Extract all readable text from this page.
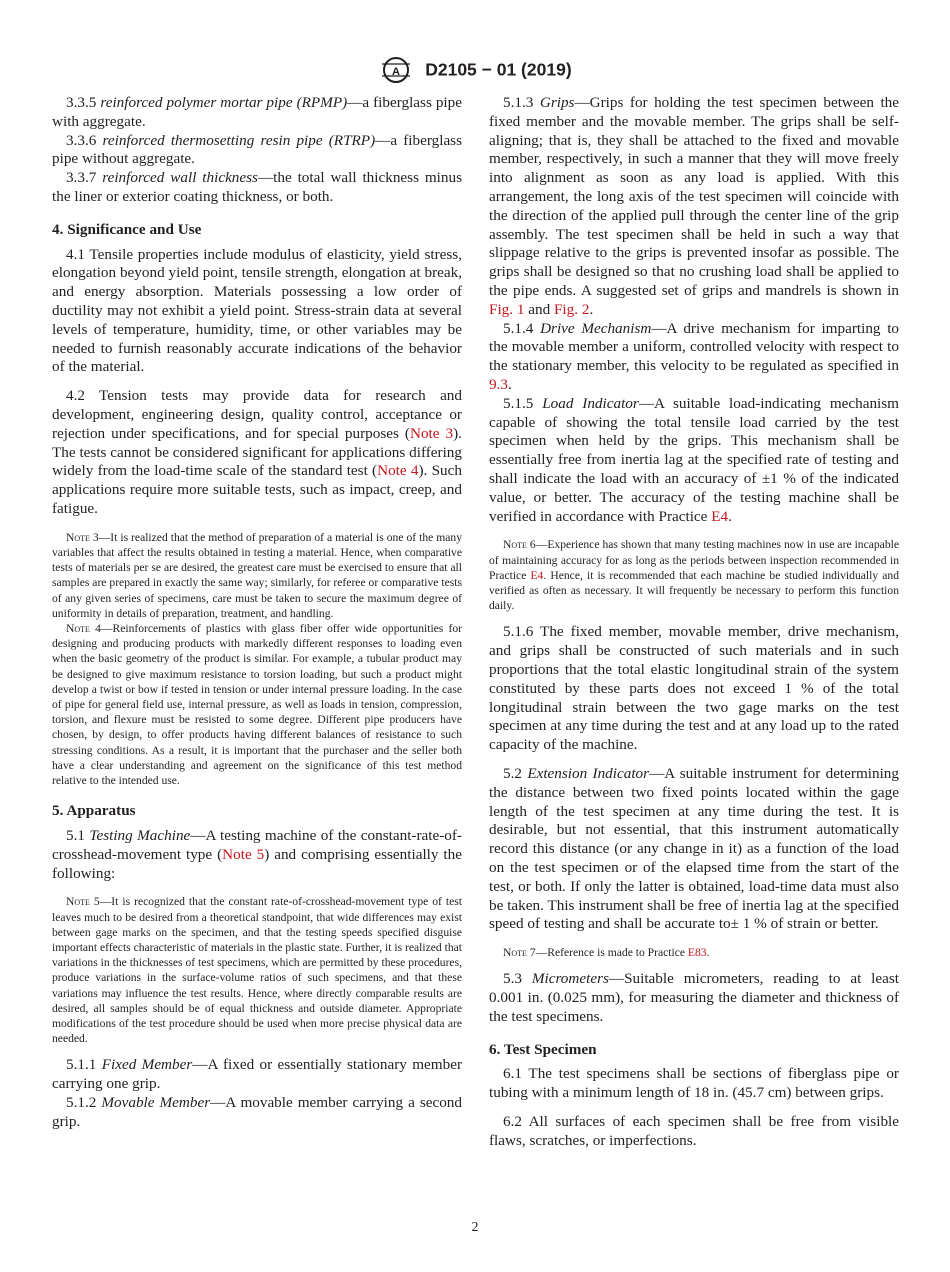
A D2105 − 01 (2019)
3.3.5 reinforced polymer mortar pipe (RPMP)—a fiberglass pipe with aggregate.
3.3.6 reinforced thermosetting resin pipe (RTRP)—a fiberglass pipe without aggregate.
3.3.7 reinforced wall thickness—the total wall thickness minus the liner or exterior coating thickness, or both.
4. Significance and Use
4.1 Tensile properties include modulus of elasticity, yield stress, elongation beyond yield point, tensile strength, elongation at break, and energy absorption. Materials possessing a low order of ductility may not exhibit a yield point. Stress-strain data at several levels of temperature, humidity, time, or other variables may be needed to furnish reasonably accurate indications of the behavior of the material.
4.2 Tension tests may provide data for research and development, engineering design, quality control, acceptance or rejection under specifications, and for special purposes (Note 3). The tests cannot be considered significant for applications differing widely from the load-time scale of the standard test (Note 4). Such applications require more suitable tests, such as impact, creep, and fatigue.
Note 3—It is realized that the method of preparation of a material is one of the many variables that affect the results obtained in testing a material. Hence, when comparative tests of materials per se are desired, the greatest care must be exercised to ensure that all samples are prepared in exactly the same way; similarly, for referee or comparative tests of any given series of specimens, care must be taken to secure the maximum degree of uniformity in details of preparation, treatment, and handling.
Note 4—Reinforcements of plastics with glass fiber offer wide opportunities for designing and producing products with markedly different responses to loading even when the basic geometry of the product is similar. For example, a tubular product may be designed to give maximum resistance to torsion loading, but such a product might develop a twist or bow if tested in tension or under internal pressure loading. In the case of pipe for general field use, internal pressure, as well as loads in tension, compression, torsion, and flexure must be resisted to some degree. Different pipe producers have chosen, by design, to offer products having different balances of resistance to such stressing conditions. As a result, it is important that the purchaser and the seller both have a clear understanding and agreement on the significance of this test method relative to the intended use.
5. Apparatus
5.1 Testing Machine—A testing machine of the constant-rate-of-crosshead-movement type (Note 5) and comprising essentially the following:
Note 5—It is recognized that the constant rate-of-crosshead-movement type of test leaves much to be desired from a theoretical standpoint, that wide differences may exist between gage marks on the specimen, and that the testing speeds specified disguise important effects characteristic of materials in the plastic state. Further, it is realized that variations in the thicknesses of test specimens, which are permitted by these procedures, produce variations in the surface-volume ratios of such specimens, and that these variations may influence the test results. Hence, where directly comparable results are desired, all samples should be of equal thickness and outside diameter. Appropriate modifications of the test procedure should be used when more precise physical data are needed.
5.1.1 Fixed Member—A fixed or essentially stationary member carrying one grip.
5.1.2 Movable Member—A movable member carrying a second grip.
5.1.3 Grips—Grips for holding the test specimen between the fixed member and the movable member. The grips shall be self-aligning; that is, they shall be attached to the fixed and movable member, respectively, in such a manner that they will move freely into alignment as soon as any load is applied. With this arrangement, the long axis of the test specimen will coincide with the direction of the applied pull through the center line of the grip assembly. The test specimen shall be held in such a way that slippage relative to the grips is prevented insofar as possible. The grips shall be designed so that no crushing load shall be applied to the pipe ends. A suggested set of grips and mandrels is shown in Fig. 1 and Fig. 2.
5.1.4 Drive Mechanism—A drive mechanism for imparting to the movable member a uniform, controlled velocity with respect to the stationary member, this velocity to be regulated as specified in 9.3.
5.1.5 Load Indicator—A suitable load-indicating mechanism capable of showing the total tensile load carried by the test specimen when held by the grips. This mechanism shall be essentially free from inertia lag at the specified rate of testing and shall indicate the load with an accuracy of ±1 % of the indicated value, or better. The accuracy of the testing machine shall be verified in accordance with Practice E4.
Note 6—Experience has shown that many testing machines now in use are incapable of maintaining accuracy for as long as the periods between inspection recommended in Practice E4. Hence, it is recommended that each machine be studied individually and verified as often as necessary. It will frequently be necessary to perform this function daily.
5.1.6 The fixed member, movable member, drive mechanism, and grips shall be constructed of such materials and in such proportions that the total elastic longitudinal strain of the system constituted by these parts does not exceed 1 % of the total longitudinal strain between the two gage marks on the test specimen at any time during the test and at any load up to the rated capacity of the machine.
5.2 Extension Indicator—A suitable instrument for determining the distance between two fixed points located within the gage length of the test specimen at any time during the test. It is desirable, but not essential, that this instrument automatically record this distance (or any change in it) as a function of the load on the test specimen or of the elapsed time from the start of the test, or both. If only the latter is obtained, load-time data must also be taken. This instrument shall be free of inertia lag at the specified speed of testing and shall be accurate to± 1 % of strain or better.
Note 7—Reference is made to Practice E83.
5.3 Micrometers—Suitable micrometers, reading to at least 0.001 in. (0.025 mm), for measuring the diameter and thickness of the test specimens.
6. Test Specimen
6.1 The test specimens shall be sections of fiberglass pipe or tubing with a minimum length of 18 in. (45.7 cm) between grips.
6.2 All surfaces of each specimen shall be free from visible flaws, scratches, or imperfections.
2
